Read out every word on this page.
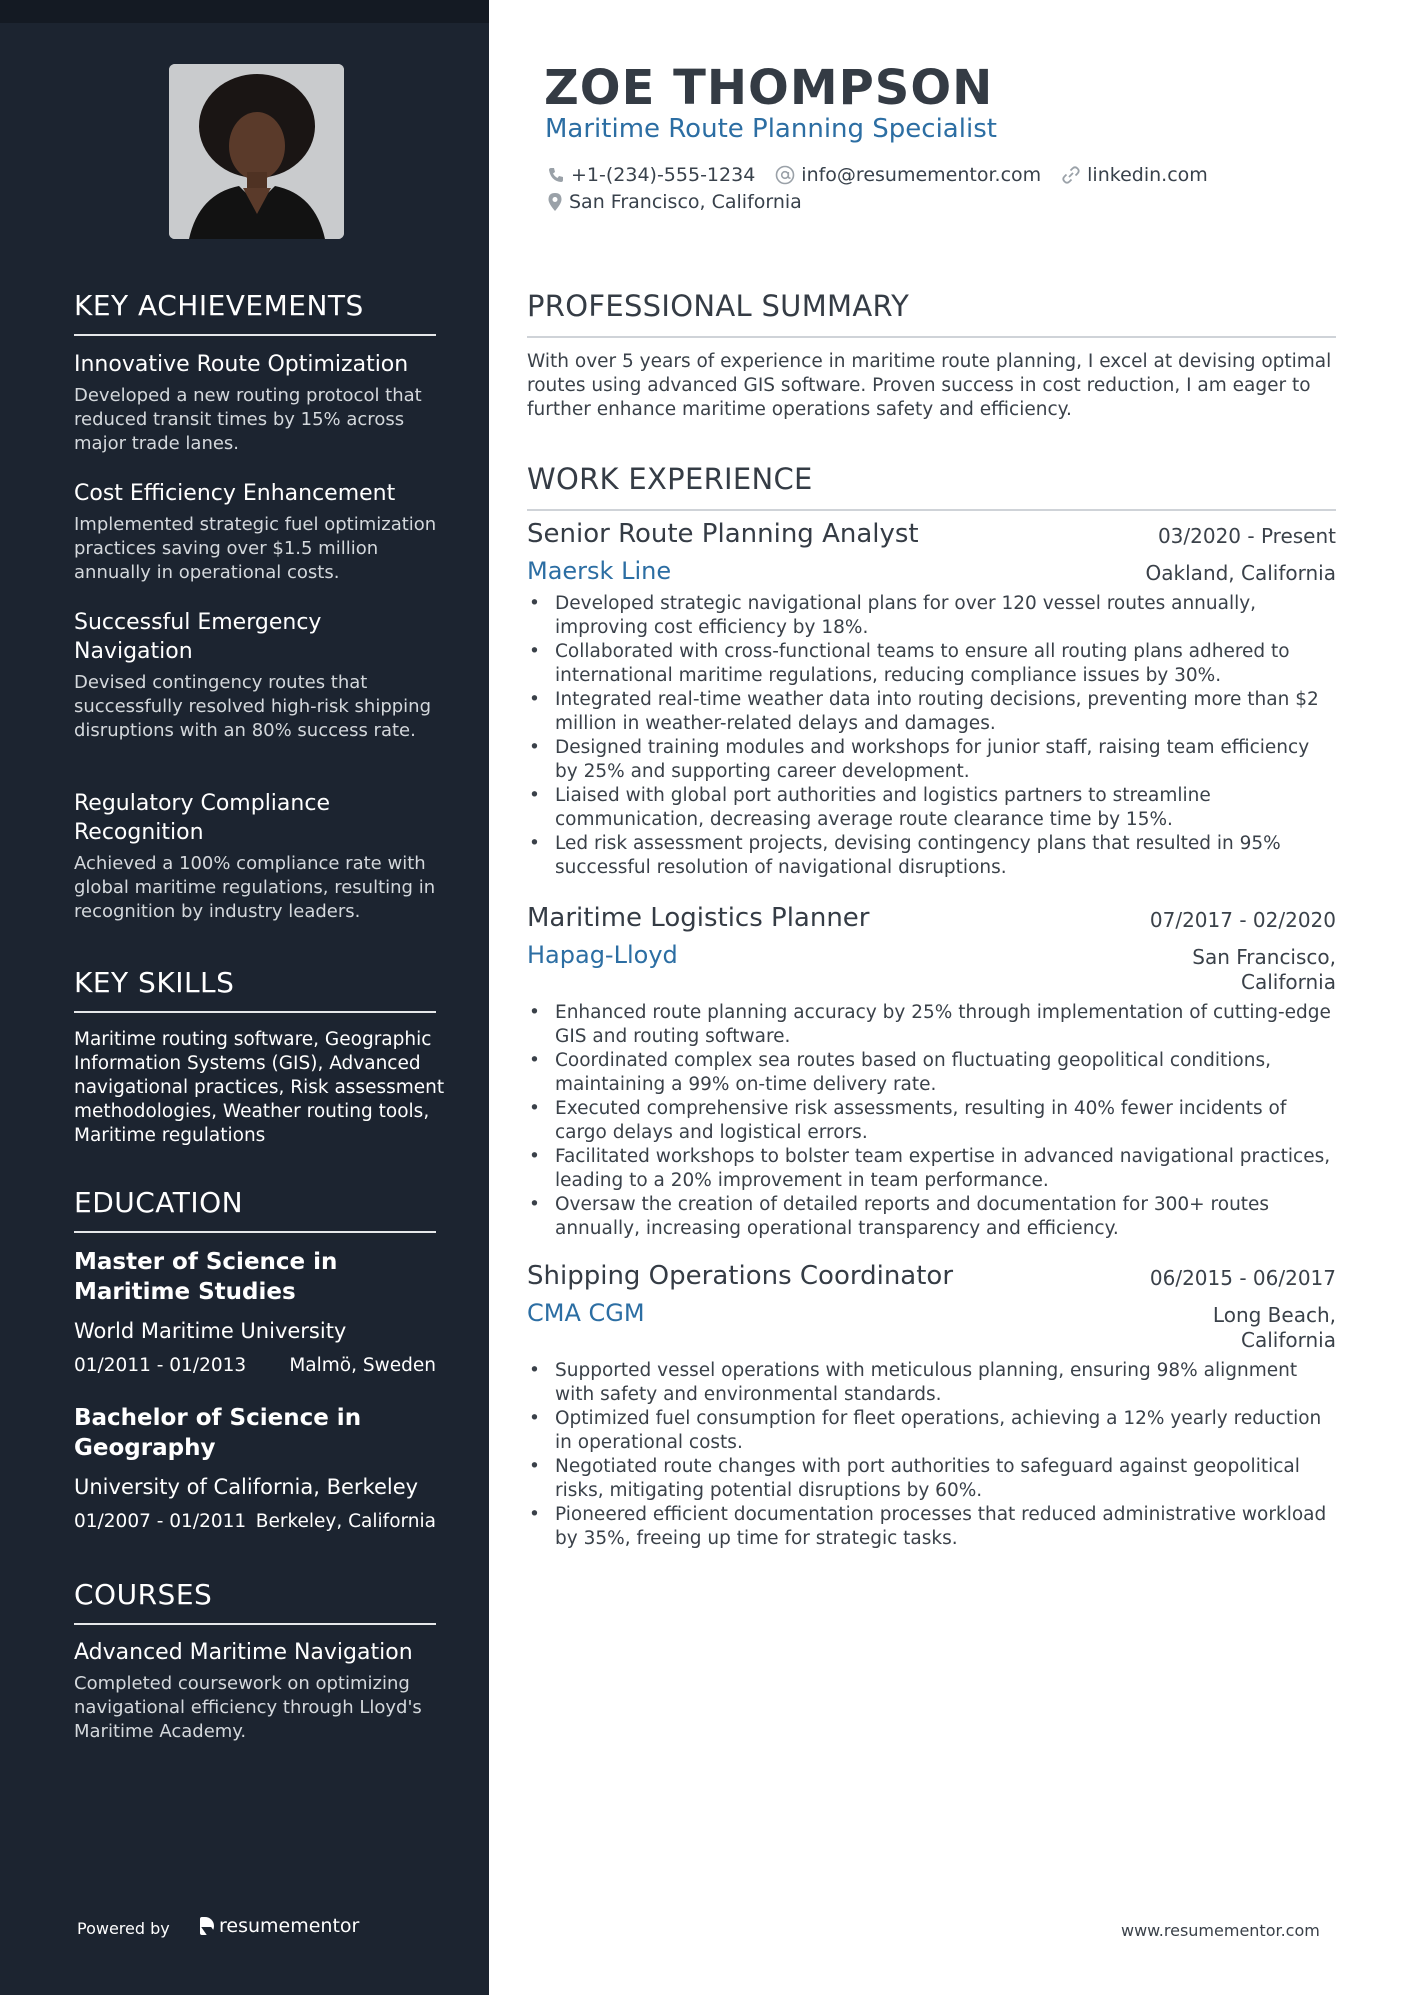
KEY ACHIEVEMENTS

Innovative Route Optimization

Developed a new routing protocol that reduced transit times by 15% across major trade lanes.

Cost Efficiency Enhancement

Implemented strategic fuel optimization practices saving over $1.5 million annually in operational costs.

Successful Emergency Navigation

Devised contingency routes that successfully resolved high-risk shipping disruptions with an 80% success rate.

Regulatory Compliance Recognition

Achieved a 100% compliance rate with global maritime regulations, resulting in recognition by industry leaders.

KEY SKILLS
Maritime routing software, Geographic Information Systems (GIS), Advanced navigational practices, Risk assessment methodologies, Weather routing tools, Maritime regulations
EDUCATION
Master of Science in Maritime Studies
World Maritime University
01/2011 - 01/2013 Malmö, Sweden
Bachelor of Science in Geography
University of California, Berkeley
01/2007 - 01/2011 Berkeley, California
COURSES

Advanced Maritime Navigation

Completed coursework on optimizing navigational efficiency through Lloyd's Maritime Academy.

Powered by	resumementor
ZOE THOMPSON
Maritime Route Planning Specialist
+1-(234)-555-1234 info@resumementor.com linkedin.com
San Francisco, California
PROFESSIONAL SUMMARY
With over 5 years of experience in maritime route planning, I excel at devising optimal routes using advanced GIS software. Proven success in cost reduction, I am eager to further enhance maritime operations safety and efficiency.
WORK EXPERIENCE
Senior Route Planning Analyst	03/2020 - Present
Maersk Line	Oakland, California
• Developed strategic navigational plans for over 120 vessel routes annually, improving cost efficiency by 18%.
• Collaborated with cross-functional teams to ensure all routing plans adhered to international maritime regulations, reducing compliance issues by 30%.
• Integrated real-time weather data into routing decisions, preventing more than $2 million in weather-related delays and damages.
• Designed training modules and workshops for junior staff, raising team efficiency by 25% and supporting career development.
• Liaised with global port authorities and logistics partners to streamline communication, decreasing average route clearance time by 15%.
• Led risk assessment projects, devising contingency plans that resulted in 95% successful resolution of navigational disruptions.
Maritime Logistics Planner	07/2017 - 02/2020
Hapag-Lloyd	San Francisco, California
• Enhanced route planning accuracy by 25% through implementation of cutting-edge GIS and routing software.
• Coordinated complex sea routes based on fluctuating geopolitical conditions, maintaining a 99% on-time delivery rate.
• Executed comprehensive risk assessments, resulting in 40% fewer incidents of cargo delays and logistical errors.
• Facilitated workshops to bolster team expertise in advanced navigational practices, leading to a 20% improvement in team performance.
• Oversaw the creation of detailed reports and documentation for 300+ routes annually, increasing operational transparency and efficiency.
Shipping Operations Coordinator	06/2015 - 06/2017
CMA CGM	Long Beach, California
• Supported vessel operations with meticulous planning, ensuring 98% alignment with safety and environmental standards.
• Optimized fuel consumption for fleet operations, achieving a 12% yearly reduction in operational costs.
• Negotiated route changes with port authorities to safeguard against geopolitical risks, mitigating potential disruptions by 60%.
• Pioneered efficient documentation processes that reduced administrative workload by 35%, freeing up time for strategic tasks.
www.resumementor.com
